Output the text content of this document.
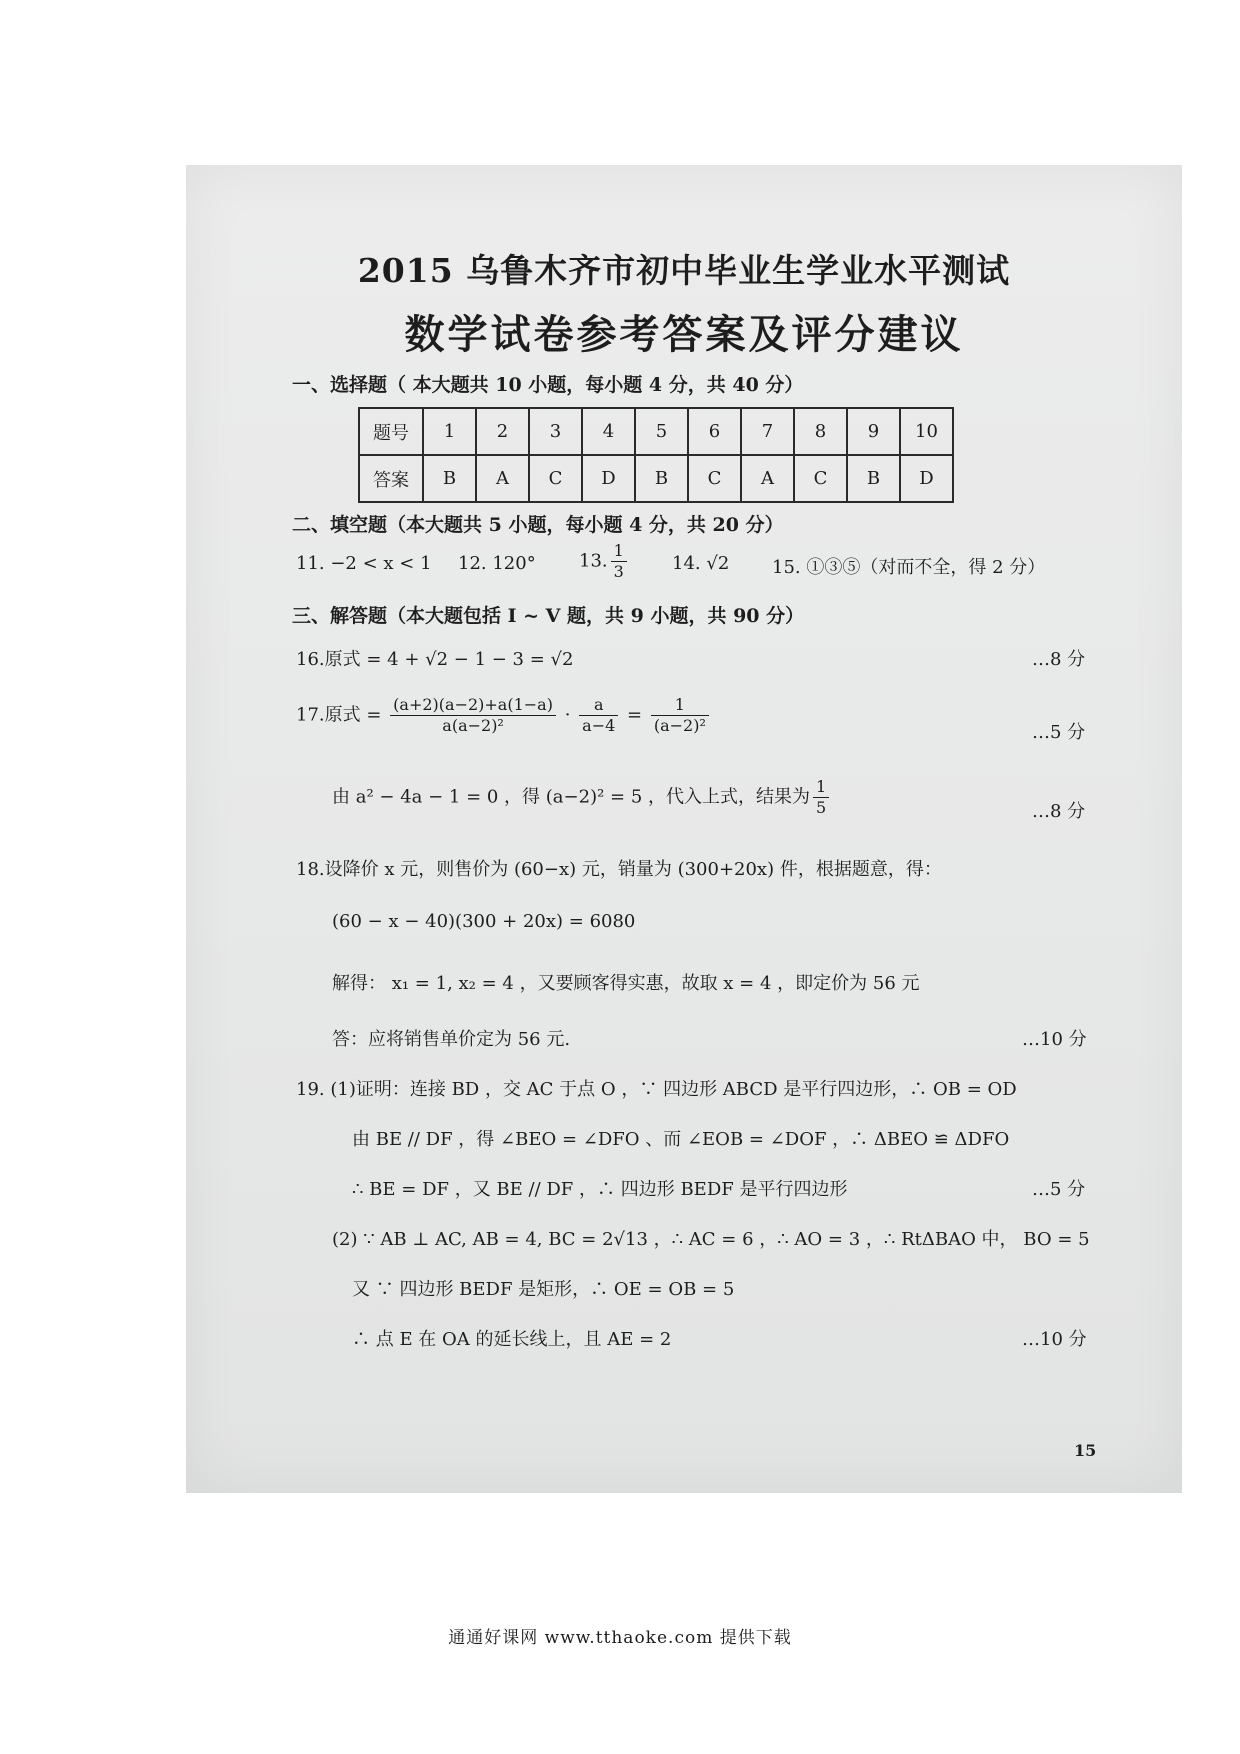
2015 乌鲁木齐市初中毕业生学业水平测试
数学试卷参考答案及评分建议
一、选择题（ 本大题共 10 小题，每小题 4 分，共 40 分）
题号	1	2	3	4	5	6	7	8	9	10
答案	B	A	C	D	B	C	A	C	B	D
二、填空题（本大题共 5 小题，每小题 4 分，共 20 分）
11. −2 < x < 1 12. 120° 13. $\frac{1}{3}$	14. √2 15. ①③⑤（对而不全，得 2 分）
三、解答题（本大题包括 Ⅰ ~ Ⅴ 题，共 9 小题，共 90 分）
16.原式 = 4 + √2 − 1 − 3 = √2	…8 分
17.原式 = $\frac{(a+2)(a-2)+a(1-a)}{\text{a(a−2)²}} \cdot \frac{a}{a-4} = \frac{1}{\text{(a−2)²}}$	…5 分
由 a² − 4a − 1 = 0 ，得 (a−2)² = 5 ，代入上式，结果为 $\frac{1}{5}$	…8 分
18.设降价 x 元，则售价为 (60−x) 元，销量为 (300+20x) 件，根据题意，得：
(60 − x − 40)(300 + 20x) = 6080
解得： x₁ = 1, x₂ = 4 ，又要顾客得实惠，故取 x = 4 ，即定价为 56 元
答：应将销售单价定为 56 元.	…10 分
19. (1)证明：连接 BD ，交 AC 于点 O ，∵ 四边形 ABCD 是平行四边形，∴ OB = OD
由 BE // DF ，得 ∠BEO = ∠DFO 、而 ∠EOB = ∠DOF ，∴ ΔBEO ≌ ΔDFO
∴ BE = DF ，又 BE // DF ，∴ 四边形 BEDF 是平行四边形	…5 分
(2) ∵ AB ⊥ AC, AB = 4, BC = 2√13 ，∴ AC = 6 ，∴ AO = 3 ，∴ RtΔBAO 中， BO = 5
又 ∵ 四边形 BEDF 是矩形，∴ OE = OB = 5
∴ 点 E 在 OA 的延长线上，且 AE = 2	…10 分
15
通通好课网 www.tthaoke.com 提供下载
